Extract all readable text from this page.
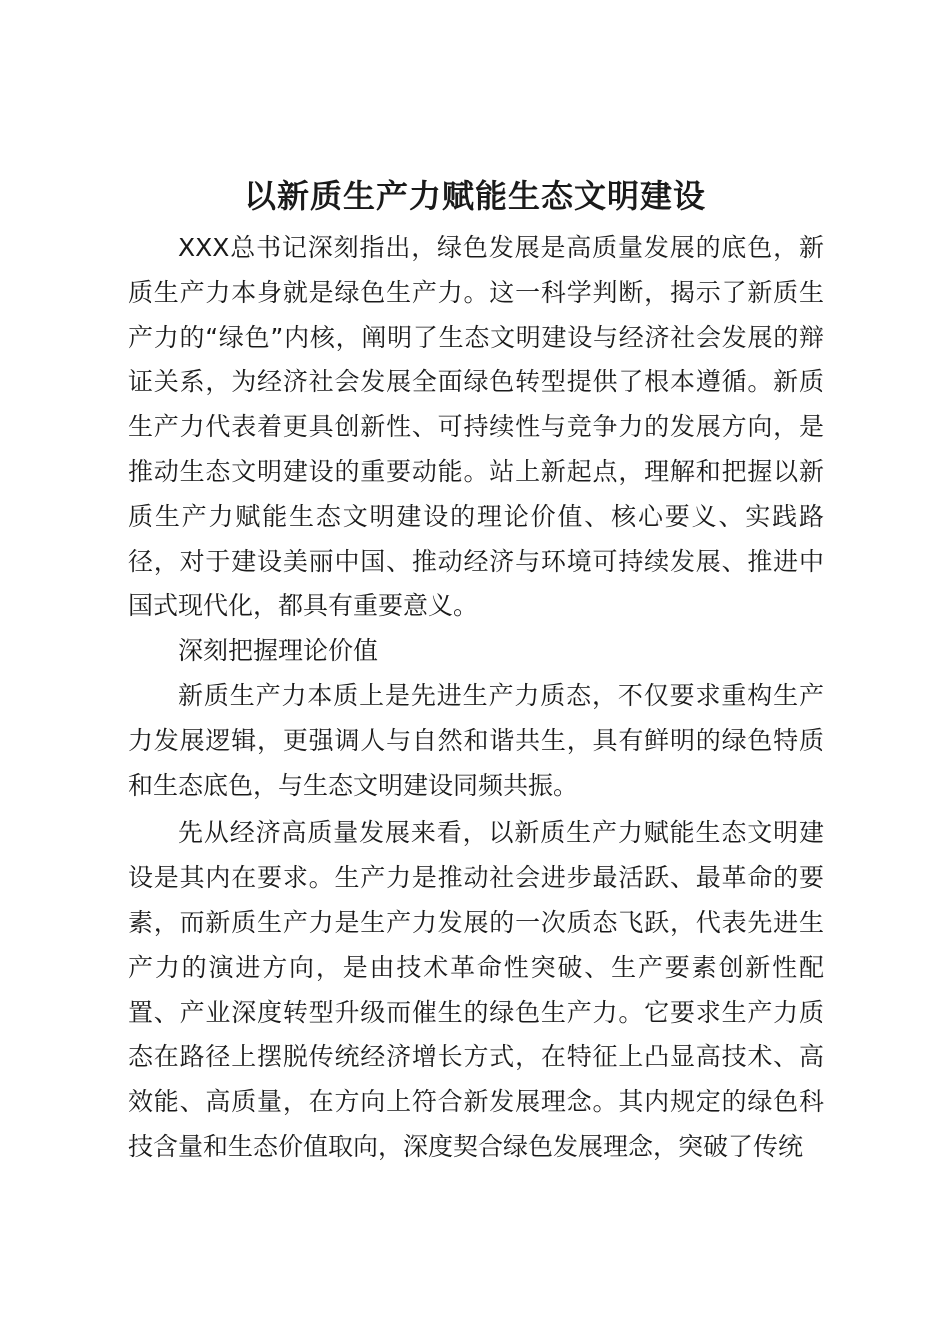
以新质生产力赋能生态文明建设

XXX总书记深刻指出，绿色发展是高质量发展的底色，新质生产力本身就是绿色生产力。这一科学判断，揭示了新质生产力的“绿色”内核，阐明了生态文明建设与经济社会发展的辩证关系，为经济社会发展全面绿色转型提供了根本遵循。新质生产力代表着更具创新性、可持续性与竞争力的发展方向，是推动生态文明建设的重要动能。站上新起点，理解和把握以新质生产力赋能生态文明建设的理论价值、核心要义、实践路径，对于建设美丽中国、推动经济与环境可持续发展、推进中国式现代化，都具有重要意义。

深刻把握理论价值

新质生产力本质上是先进生产力质态，不仅要求重构生产力发展逻辑，更强调人与自然和谐共生，具有鲜明的绿色特质和生态底色，与生态文明建设同频共振。

先从经济高质量发展来看，以新质生产力赋能生态文明建设是其内在要求。生产力是推动社会进步最活跃、最革命的要素，而新质生产力是生产力发展的一次质态飞跃，代表先进生产力的演进方向，是由技术革命性突破、生产要素创新性配置、产业深度转型升级而催生的绿色生产力。它要求生产力质态在路径上摆脱传统经济增长方式，在特征上凸显高技术、高效能、高质量，在方向上符合新发展理念。其内规定的绿色科技含量和生态价值取向，深度契合绿色发展理念，突破了传统
